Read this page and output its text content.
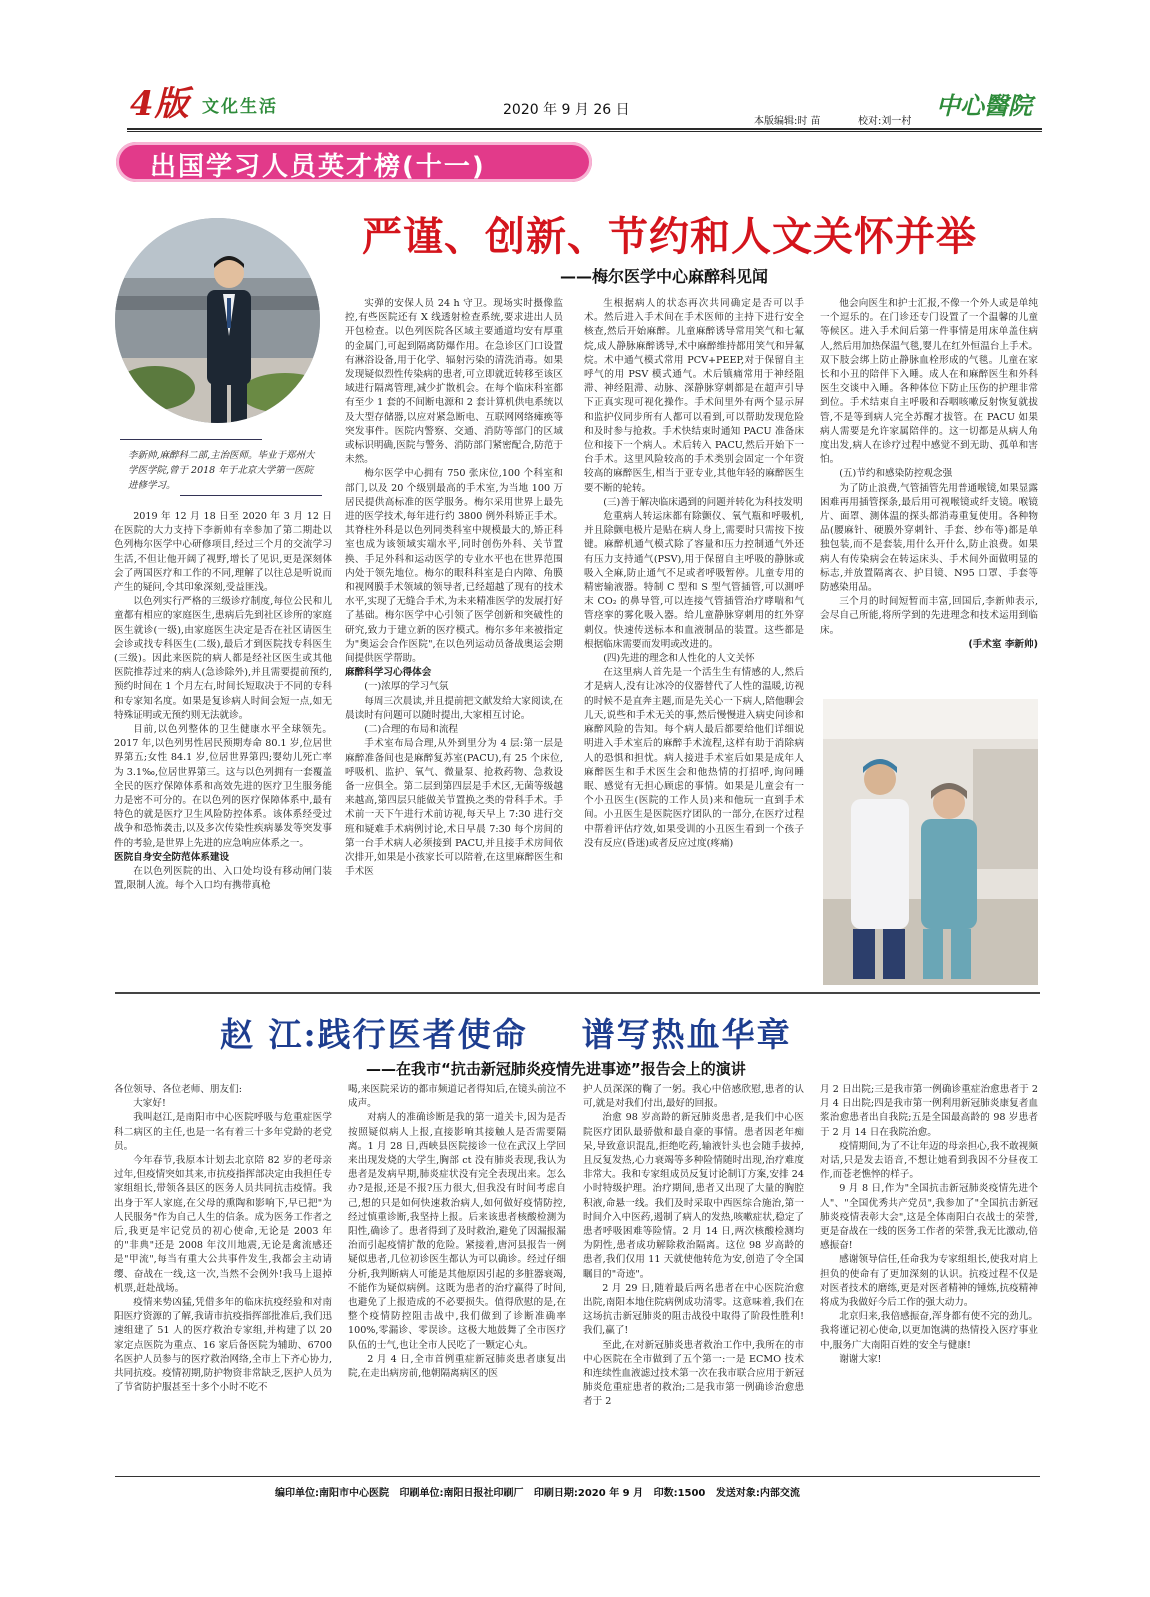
4版 文化生活	2020 年 9 月 26 日
本版编辑:时 苗	校对:刘一村
中心醫院
出国学习人员英才榜(十一)
严谨、创新、节约和人文关怀并举
——梅尔医学中心麻醉科见闻
李新帅,麻醉科二部,主治医师。毕业于郑州大学医学院,曾于 2018 年于北京大学第一医院进修学习。

2019 年 12 月 18 日至 2020 年 3 月 12 日在医院的大力支持下李新帅有幸参加了第二期赴以色列梅尔医学中心研修项目,经过三个月的交流学习生活,不但让他开阔了视野,增长了见识,更是深刻体会了两国医疗和工作的不同,理解了以往总是听说而产生的疑问,令其印象深刻,受益匪浅。

以色列实行严格的三级诊疗制度,每位公民和儿童都有相应的家庭医生,患病后先到社区诊所的家庭医生就诊(一级),由家庭医生决定是否在社区请医生会诊或找专科医生(二级),最后才到医院找专科医生(三级)。因此来医院的病人都是经社区医生或其他医院推荐过来的病人(急诊除外),并且需要提前预约,预约时间在 1 个月左右,时间长短取决于不同的专科和专家知名度。如果是复诊病人时间会短一点,如无特殊证明或无预约则无法就诊。

目前,以色列整体的卫生健康水平全球领先。2017 年,以色列男性居民预期寿命 80.1 岁,位居世界第五;女性 84.1 岁,位居世界第四;婴幼儿死亡率为 3.1‰,位居世界第三。这与以色列拥有一套覆盖全民的医疗保障体系和高效先进的医疗卫生服务能力是密不可分的。在以色列的医疗保障体系中,最有特色的就是医疗卫生风险防控体系。该体系经受过战争和恐怖袭击,以及多次传染性疾病暴发等突发事件的考验,是世界上先进的应急响应体系之一。

医院自身安全防范体系建设

在以色列医院的出、入口处均设有移动闸门装置,限制人流。每个入口均有携带真枪

实弹的安保人员 24 h 守卫。现场实时摄像监控,有些医院还有 X 线透射检查系统,要求进出人员开包检查。以色列医院各区域主要通道均安有厚重的金属门,可起到隔离防爆作用。在急诊区门口设置有淋浴设备,用于化学、辐射污染的清洗消毒。如果发现疑似烈性传染病的患者,可立即就近转移至该区域进行隔离管理,减少扩散机会。在每个临床科室都有至少 1 套的不间断电源和 2 套计算机供电系统以及大型存储器,以应对紧急断电、互联网网络瘫痪等突发事件。医院内警察、交通、消防等部门的区域或标识明确,医院与警务、消防部门紧密配合,防范于未然。

梅尔医学中心拥有 750 张床位,100 个科室和部门,以及 20 个级别最高的手术室,为当地 100 万居民提供高标准的医学服务。梅尔采用世界上最先进的医学技术,每年进行约 3800 例外科矫正手术。其脊柱外科是以色列同类科室中规模最大的,矫正科室也成为该领域实端水平,同时创伤外科、关节置换、手足外科和运动医学的专业水平也在世界范围内处于领先地位。梅尔的眼科科室是白内障、角膜和视网膜手术领域的领导者,已经超越了现有的技术水平,实现了无缝合手术,为未来精准医学的发展打好了基础。梅尔医学中心引领了医学创新和突破性的研究,致力于建立新的医疗模式。梅尔多年来被指定为"奥运会合作医院",在以色列运动员备战奥运会期间提供医学帮助。

麻醉科学习心得体会

(一)浓厚的学习气氛

每周三次晨读,并且提前把文献发给大家阅读,在晨读时有问题可以随时提出,大家相互讨论。

(二)合理的布局和流程

手术室布局合理,从外到里分为 4 层:第一层是麻醉准备间也是麻醉复苏室(PACU),有 25 个床位,呼吸机、监护、氧气、微量泵、抢救药物、急救设备一应俱全。第二层到第四层是手术区,无菌等级越来越高,第四层只能做关节置换之类的骨科手术。手术前一天下午进行术前访视,每天早上 7:30 进行交班和疑难手术病例讨论,术日早晨 7:30 每个房间的第一台手术病人必须接到 PACU,并且接手术房间依次排开,如果是小孩家长可以陪着,在这里麻醉医生和手术医

生根据病人的状态再次共同确定是否可以手术。然后进入手术间在手术医师的主持下进行安全核查,然后开始麻醉。儿童麻醉诱导常用笑气和七氟烷,成人静脉麻醉诱导,术中麻醉维持都用笑气和异氟烷。术中通气模式常用 PCV+PEEP,对于保留自主呼气的用 PSV 模式通气。术后镇痛常用于神经阻滞、神经阻滞、动脉、深静脉穿刺都是在超声引导下正真实现可视化操作。手术间里外有两个显示屏和监护仪同步所有人都可以看到,可以帮助发现危险和及时参与抢救。手术快结束时通知 PACU 准备床位和接下一个病人。术后转入 PACU,然后开始下一台手术。这里风险较高的手术类别会固定一个年资较高的麻醉医生,相当于亚专业,其他年轻的麻醉医生要不断的轮转。

(三)善于解决临床遇到的问题并转化为科技发明

危重病人转运床都有除颤仪、氧气瓶和呼吸机,并且除颤电极片是贴在病人身上,需要时只需按下按键。麻醉机通气模式除了容量和压力控制通气外还有压力支持通气(PSV),用于保留自主呼吸的静脉或吸入全麻,防止通气不足或者呼吸暂停。儿童专用的精密输液器。特制 C 型和 S 型气管插管,可以測呼末 CO₂ 的鼻导管,可以连接气管插管治疗哮喘和气管痉挛的雾化吸入器。给儿童静脉穿刺用的红外穿刺仪。快速传送标本和血液制品的装置。这些都是根据临床需要而发明或改进的。

(四)先进的理念和人性化的人文关怀

在这里病人首先是一个活生生有情感的人,然后才是病人,没有让冰冷的仪器替代了人性的温暖,访视的时候不是直奔主题,而是先关心一下病人,陪他聊会儿天,说些和手术无关的事,然后慢慢进入病史问诊和麻醉风险的告知。每个病人最后都要给他们详细说明进入手术室后的麻醉手术流程,这样有助于消除病人的恐惧和担忧。病人接进手术室后如果是成年人麻醉医生和手术医生会和他热情的打招呼,询问睡眠、感觉有无担心顾虑的事情。如果是儿童会有一个小丑医生(医院的工作人员)来和他玩一直到手术间。小丑医生是医院医疗团队的一部分,在医疗过程中帮着评估疗效,如果受训的小丑医生看到一个孩子没有反应(昏迷)或者反应过度(疼痛)

他会向医生和护士汇报,不像一个外人或是单纯一个逗乐的。在门诊还专门设置了一个温馨的儿童等候区。进入手术间后第一件事情是用床单盖住病人,然后用加热保温气毯,婴儿在红外恒温台上手术。双下肢会绑上防止静脉血栓形成的气毯。儿童在家长和小丑的陪伴下入睡。成人在和麻醉医生和外科医生交谈中入睡。各种体位下防止压伤的护理非常到位。手术结束自主呼吸和吞咽咳嗽反射恢复就拔管,不是等到病人完全苏醒才拔管。在 PACU 如果病人需要是允许家属陪伴的。这一切都是从病人角度出发,病人在诊疗过程中感觉不到无助、孤单和害怕。

(五)节约和感染防控观念强

为了防止浪费,气管插管先用普通喉镜,如果显露困难再用插管探条,最后用可视喉镜或纤支镜。喉镜片、面罩、测体温的探头都消毒重复使用。各种物品(腰麻针、硬膜外穿刺针、手套、纱布等)都是单独包装,而不是套装,用什么开什么,防止浪费。如果病人有传染病会在转运床头、手术间外面做明显的标志,并放置隔离衣、护目镜、N95 口罩、手套等防感染用品。

三个月的时间短暂而丰富,回国后,李新帅表示,会尽自己所能,将所学到的先进理念和技术运用到临床。

(手术室 李新帅)

赵 江:践行医者使命    谱写热血华章
——在我市“抗击新冠肺炎疫情先进事迹”报告会上的演讲

各位领导、各位老师、朋友们:

大家好!

我叫赵江,是南阳市中心医院呼吸与危重症医学科二病区的主任,也是一名有着三十多年党龄的老党员。

今年春节,我原本计划去北京陪 82 岁的老母亲过年,但疫情突如其来,市抗疫指挥部决定由我担任专家组组长,带领各县区的医务人员共同抗击疫情。我出身于军人家庭,在父母的熏陶和影响下,早已把"为人民服务"作为自己人生的信条。成为医务工作者之后,我更是牢记党员的初心使命,无论是 2003 年的"非典"还是 2008 年汶川地震,无论是禽流感还是"甲流",每当有重大公共事件发生,我都会主动请缨、奋战在一线,这一次,当然不会例外!我马上退掉机票,赶赴战场。

疫情来势凶猛,凭借多年的临床抗疫经验和对南阳医疗资源的了解,我请市抗疫指挥部批准后,我们迅速组建了 51 人的医疗救治专家组,并构建了以 20 家定点医院为重点、16 家后备医院为辅助、6700 名医护人员参与的医疗救治网络,全市上下齐心协力,共同抗疫。疫情初期,防护物资非常缺乏,医护人员为了节省防护服甚至十多个小时不吃不

喝,来医院采访的都市频道记者得知后,在镜头前泣不成声。

对病人的准确诊断是我的第一道关卡,因为是否按照疑似病人上报,直接影响其接触人是否需要隔离。1 月 28 日,西峡县医院接诊一位在武汉上学回来出现发烧的大学生,胸部 ct 没有肺炎表现,我认为患者是发病早期,肺炎症状没有完全表现出来。怎么办?是报,还是不报?压力很大,但我没有时间考虑自己,想的只是如何快速救治病人,如何做好疫情防控,经过慎重诊断,我坚持上报。后来该患者核酸检测为阳性,确诊了。患者得到了及时救治,避免了因漏报漏治而引起疫情扩散的危险。紧接着,唐河县报告一例疑似患者,几位初诊医生都认为可以确诊。经过仔细分析,我判断病人可能是其他原因引起的多脏器衰竭,不能作为疑似病例。这既为患者的治疗赢得了时间,也避免了上报造成的不必要损失。值得欣慰的是,在整个疫情防控阻击战中,我们做到了诊断准确率 100%,零漏诊、零误诊。这极大地鼓舞了全市医疗队伍的士气,也让全市人民吃了一颗定心丸。

2 月 4 日,全市首例重症新冠肺炎患者康复出院,在走出病房前,他朝隔离病区的医

护人员深深的鞠了一躬。我心中倍感欣慰,患者的认可,就是对我们付出,最好的回报。

治愈 98 岁高龄的新冠肺炎患者,是我们中心医院医疗团队最骄傲和最自豪的事情。患者因老年痴呆,导致意识混乱,拒绝吃药,输液针头也会随手拔掉,且反复发热,心力衰竭等多种险情随时出现,治疗难度非常大。我和专家组成员反复讨论制订方案,安排 24 小时特级护理。治疗期间,患者又出现了大量的胸腔积液,命悬一线。我们及时采取中西医综合施治,第一时间介入中医药,遏制了病人的发热,咳嗽症状,稳定了患者呼吸困难等险情。2 月 14 日,两次核酸检测均为阴性,患者成功解除救治隔离。这位 98 岁高龄的患者,我们仅用 11 天就使他转危为安,创造了令全国瞩目的"奇迹"。

2 月 29 日,随着最后两名患者在中心医院治愈出院,南阳本地住院病例成功清零。这意味着,我们在这场抗击新冠肺炎的阻击战役中取得了阶段性胜利!我们,赢了!

至此,在对新冠肺炎患者救治工作中,我所在的市中心医院在全市做到了五个第一:一是 ECMO 技术和连续性血液滤过技术第一次在我市联合应用于新冠肺炎危重症患者的救治;二是我市第一例确诊治愈患者于 2

月 2 日出院;三是我市第一例确诊重症治愈患者于 2 月 4 日出院;四是我市第一例利用新冠肺炎康复者血浆治愈患者出自我院;五是全国最高龄的 98 岁患者于 2 月 14 日在我院治愈。

疫情期间,为了不让年迈的母亲担心,我不敢视频对话,只是发去语音,不想让她看到我因不分昼夜工作,而苍老憔悴的样子。

9 月 8 日,作为"全国抗击新冠肺炎疫情先进个人"、"全国优秀共产党员",我参加了"全国抗击新冠肺炎疫情表彰大会",这是全体南阳白衣战士的荣誉,更是奋战在一线的医务工作者的荣誉,我无比激动,倍感振奋!

感谢领导信任,任命我为专家组组长,使我对肩上担负的使命有了更加深刻的认识。抗疫过程不仅是对医者技术的磨练,更是对医者精神的锤炼,抗疫精神将成为我做好今后工作的强大动力。

北京归来,我倍感振奋,浑身都有使不完的劲儿。我将谨记初心使命,以更加饱满的热情投入医疗事业中,服务广大南阳百姓的安全与健康!

谢谢大家!

编印单位:南阳市中心医院   印刷单位:南阳日报社印刷厂   印刷日期:2020 年 9 月   印数:1500   发送对象:内部交流
